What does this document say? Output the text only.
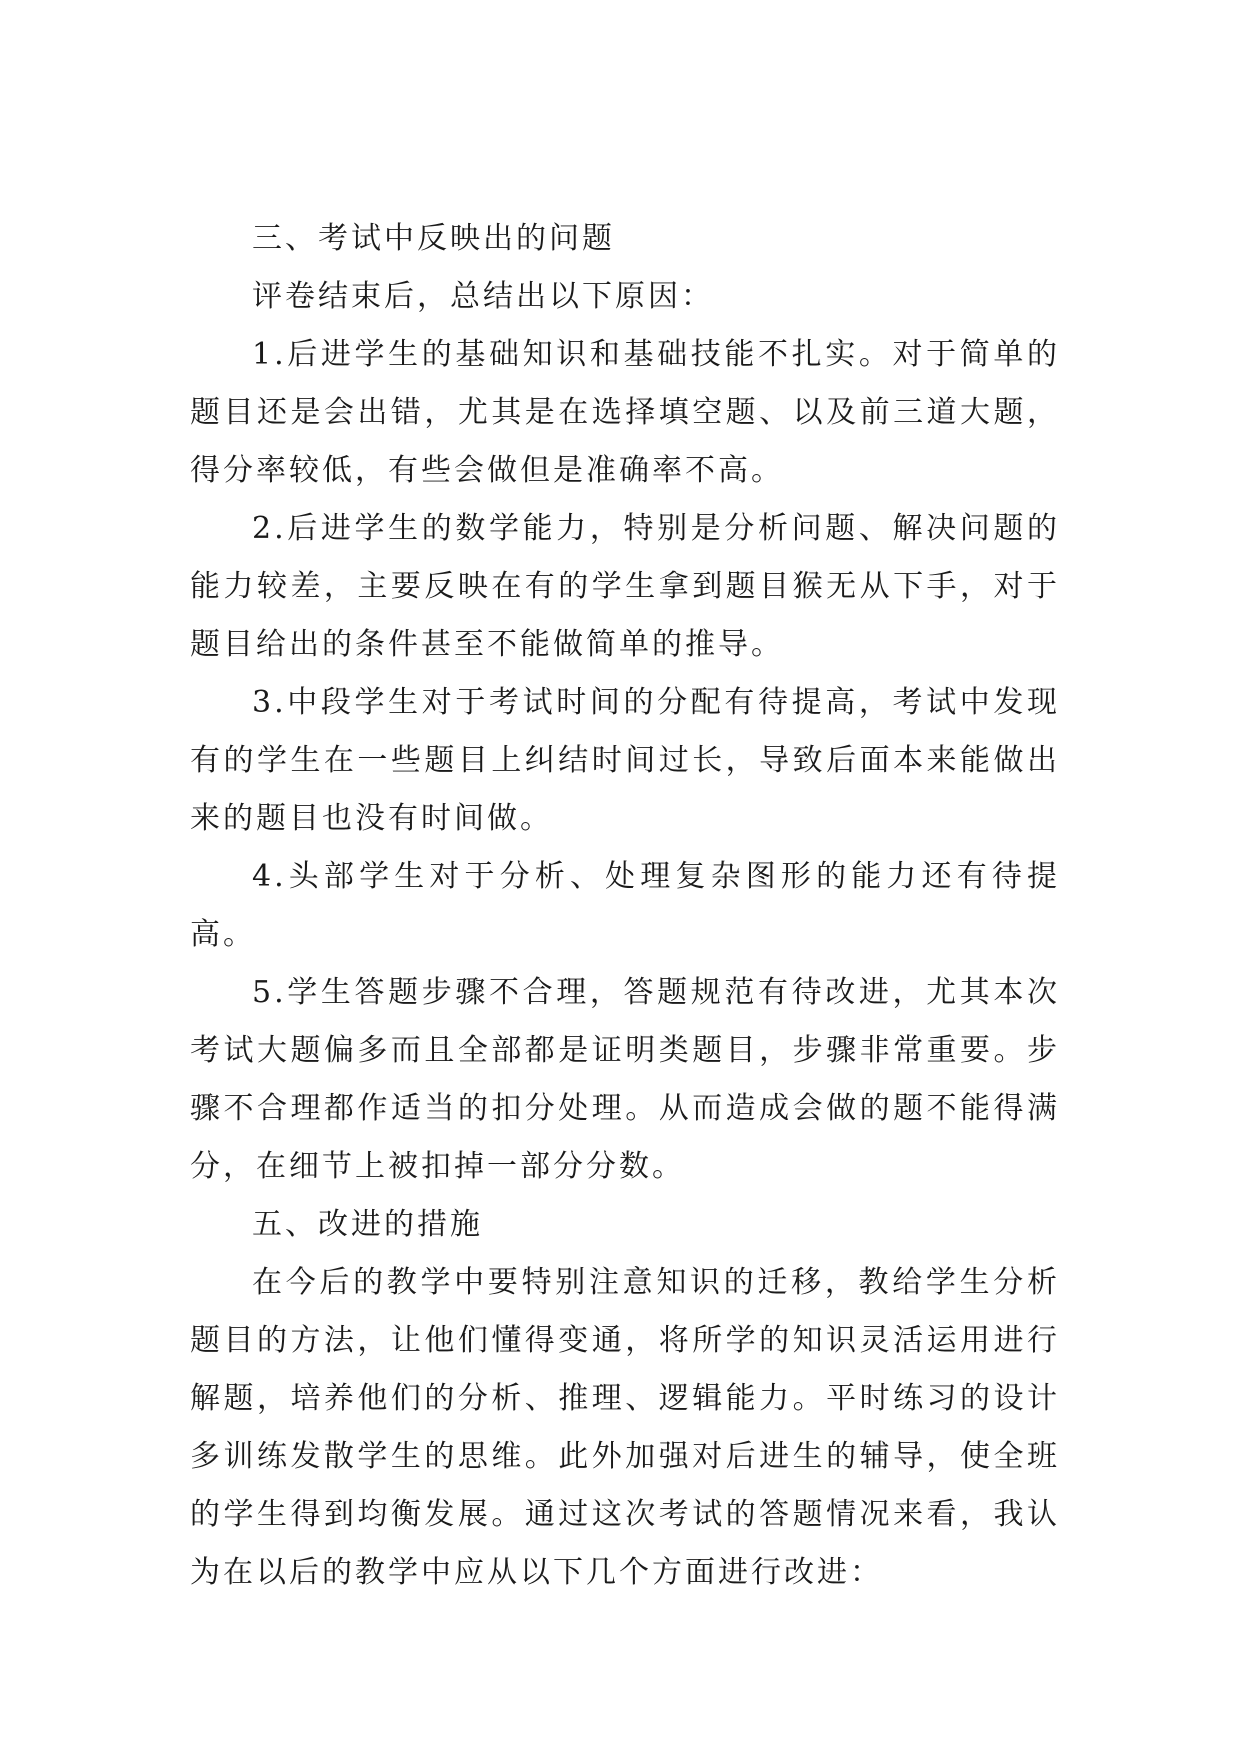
三、考试中反映出的问题

评卷结束后，总结出以下原因：

1.后进学生的基础知识和基础技能不扎实。对于简单的题目还是会出错，尤其是在选择填空题、以及前三道大题，得分率较低，有些会做但是准确率不高。

2.后进学生的数学能力，特别是分析问题、解决问题的能力较差，主要反映在有的学生拿到题目猴无从下手，对于题目给出的条件甚至不能做简单的推导。

3.中段学生对于考试时间的分配有待提高，考试中发现有的学生在一些题目上纠结时间过长，导致后面本来能做出来的题目也没有时间做。

4.头部学生对于分析、处理复杂图形的能力还有待提高。

5.学生答题步骤不合理，答题规范有待改进，尤其本次考试大题偏多而且全部都是证明类题目，步骤非常重要。步骤不合理都作适当的扣分处理。从而造成会做的题不能得满分，在细节上被扣掉一部分分数。

五、改进的措施

在今后的教学中要特别注意知识的迁移，教给学生分析题目的方法，让他们懂得变通，将所学的知识灵活运用进行解题，培养他们的分析、推理、逻辑能力。平时练习的设计多训练发散学生的思维。此外加强对后进生的辅导，使全班的学生得到均衡发展。通过这次考试的答题情况来看，我认为在以后的教学中应从以下几个方面进行改进：
